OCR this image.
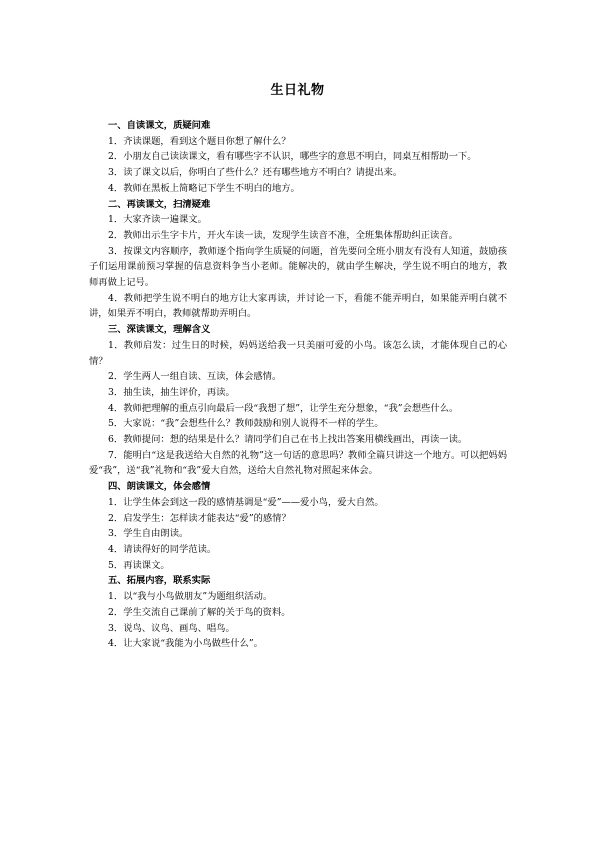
生日礼物
一、自读课文，质疑问难
1．齐读课题，看到这个题目你想了解什么？
2．小朋友自己读读课文，看有哪些字不认识，哪些字的意思不明白，同桌互相帮助一下。
3．读了课文以后，你明白了些什么？还有哪些地方不明白？请提出来。
4．教师在黑板上简略记下学生不明白的地方。
二、再读课文，扫清疑难
1．大家齐读一遍课文。
2．教师出示生字卡片，开火车读一读，发现学生读音不准，全班集体帮助纠正读音。
3．按课文内容顺序，教师逐个指向学生质疑的问题，首先要问全班小朋友有没有人知道，鼓励孩子们运用课前预习掌握的信息资料争当小老师。能解决的，就由学生解决，学生说不明白的地方，教师再做上记号。
4．教师把学生说不明白的地方让大家再读，并讨论一下，看能不能弄明白，如果能弄明白就不讲，如果弄不明白，教师就帮助弄明白。
三、深读课文，理解含义
1．教师启发：过生日的时候，妈妈送给我一只美丽可爱的小鸟。该怎么读，才能体现自己的心情？
2．学生两人一组自读、互读，体会感情。
3．抽生读，抽生评价，再读。
4．教师把理解的重点引向最后一段“我想了想”，让学生充分想象，“我”会想些什么。
5．大家说：“我”会想些什么？教师鼓励和别人说得不一样的学生。
6．教师提问：想的结果是什么？请同学们自己在书上找出答案用横线画出，再读一读。
7．能明白“这是我送给大自然的礼物”这一句话的意思吗？教师全篇只讲这一个地方。可以把妈妈爱“我”，送“我”礼物和“我”爱大自然，送给大自然礼物对照起来体会。
四、朗读课文，体会感情
1．让学生体会到这一段的感情基调是“爱”——爱小鸟，爱大自然。
2．启发学生：怎样读才能表达“爱”的感情？
3．学生自由朗读。
4．请读得好的同学范读。
5．再读课文。
五、拓展内容，联系实际
1．以“我与小鸟做朋友”为题组织活动。
2．学生交流自己课前了解的关于鸟的资料。
3．说鸟、议鸟、画鸟、唱鸟。
4．让大家说“我能为小鸟做些什么”。
